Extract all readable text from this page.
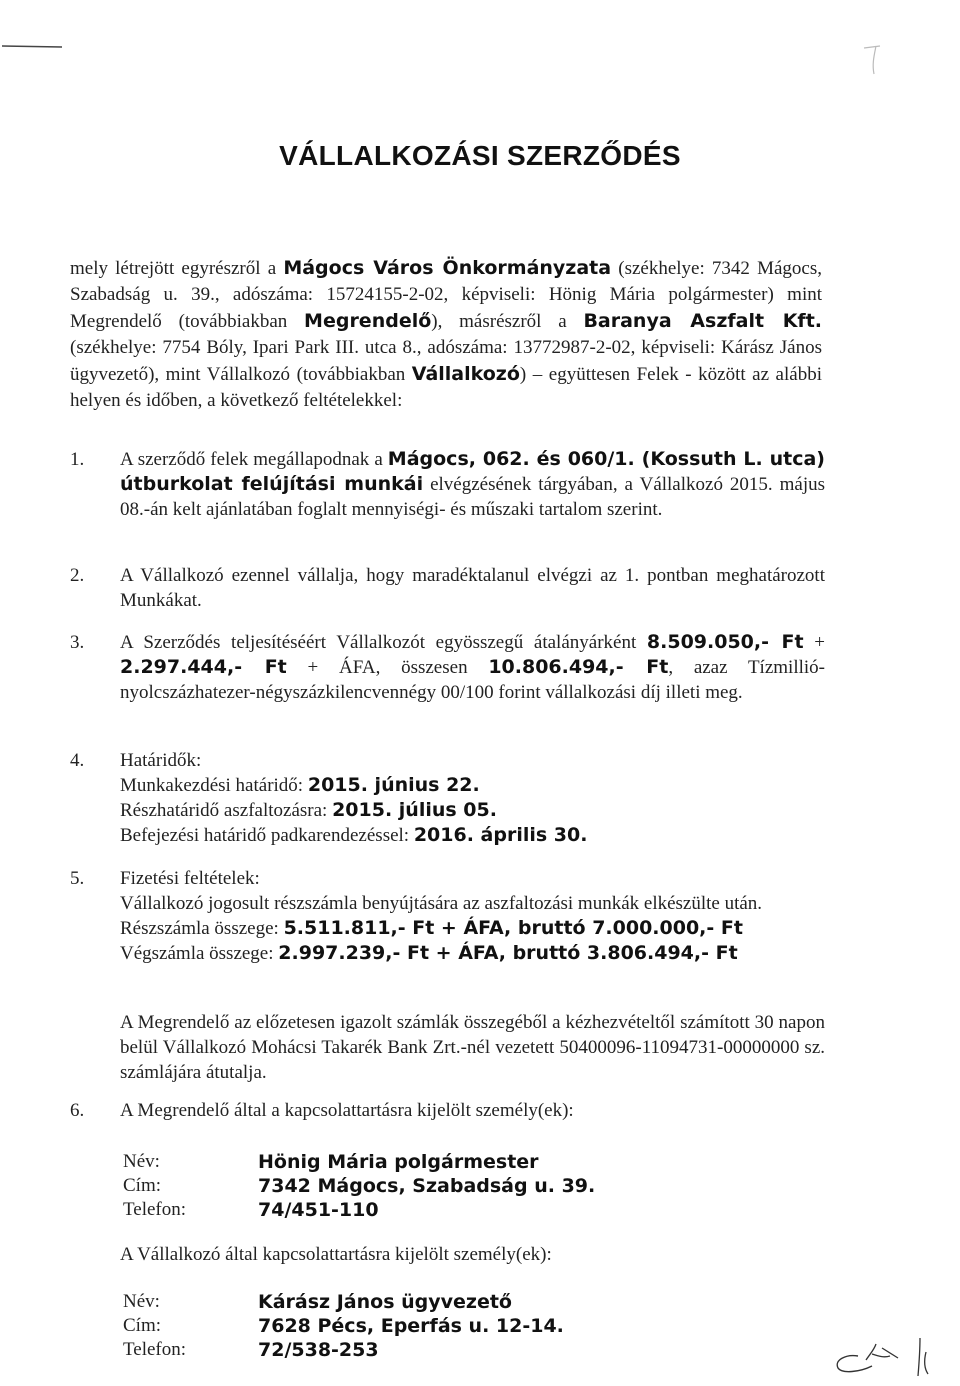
VÁLLALKOZÁSI SZERZŐDÉS
mely létrejött egyrészről a Mágocs Város Önkormányzata (székhelye: 7342 Mágocs, Szabadság u. 39., adószáma: 15724155-2-02, képviseli: Hönig Mária polgármester) mint Megrendelő (továbbiakban Megrendelő), másrészről a Baranya Aszfalt Kft. (székhelye: 7754 Bóly, Ipari Park III. utca 8., adószáma: 13772987-2-02, képviseli: Kárász János ügyvezető), mint Vállalkozó (továbbiakban Vállalkozó) – együttesen Felek - között az alábbi helyen és időben, a következő feltételekkel:
1.	A szerződő felek megállapodnak a Mágocs, 062. és 060/1. (Kossuth L. utca) útburkolat felújítási munkái elvégzésének tárgyában, a Vállalkozó 2015. május 08.-án kelt ajánlatában foglalt mennyiségi- és műszaki tartalom szerint.
2.	A Vállalkozó ezennel vállalja, hogy maradéktalanul elvégzi az 1. pontban meghatározott Munkákat.
3.	A Szerződés teljesítéséért Vállalkozót egyösszegű átalányárként 8.509.050,- Ft + 2.297.444,- Ft + ÁFA, összesen 10.806.494,- Ft, azaz Tízmillió-nyolcszázhatezer-négyszázkilencvennégy 00/100 forint vállalkozási díj illeti meg.
4.	Határidők:
Munkakezdési határidő: 2015. június 22.
Részhatáridő aszfaltozásra: 2015. július 05.
Befejezési határidő padkarendezéssel: 2016. április 30.
5.	Fizetési feltételek:
Vállalkozó jogosult részszámla benyújtására az aszfaltozási munkák elkészülte után.
Részszámla összege: 5.511.811,- Ft + ÁFA, bruttó 7.000.000,- Ft
Végszámla összege: 2.997.239,- Ft + ÁFA, bruttó 3.806.494,- Ft
A Megrendelő az előzetesen igazolt számlák összegéből a kézhezvételtől számított 30 napon belül Vállalkozó Mohácsi Takarék Bank Zrt.-nél vezetett 50400096-11094731-00000000 sz. számlájára átutalja.
6.	A Megrendelő által a kapcsolattartásra kijelölt személy(ek):
Név:	Hönig Mária polgármester
Cím:	7342 Mágocs, Szabadság u. 39.
Telefon:	74/451-110
A Vállalkozó által kapcsolattartásra kijelölt személy(ek):
Név:	Kárász János ügyvezető
Cím:	7628 Pécs, Eperfás u. 12-14.
Telefon:	72/538-253
